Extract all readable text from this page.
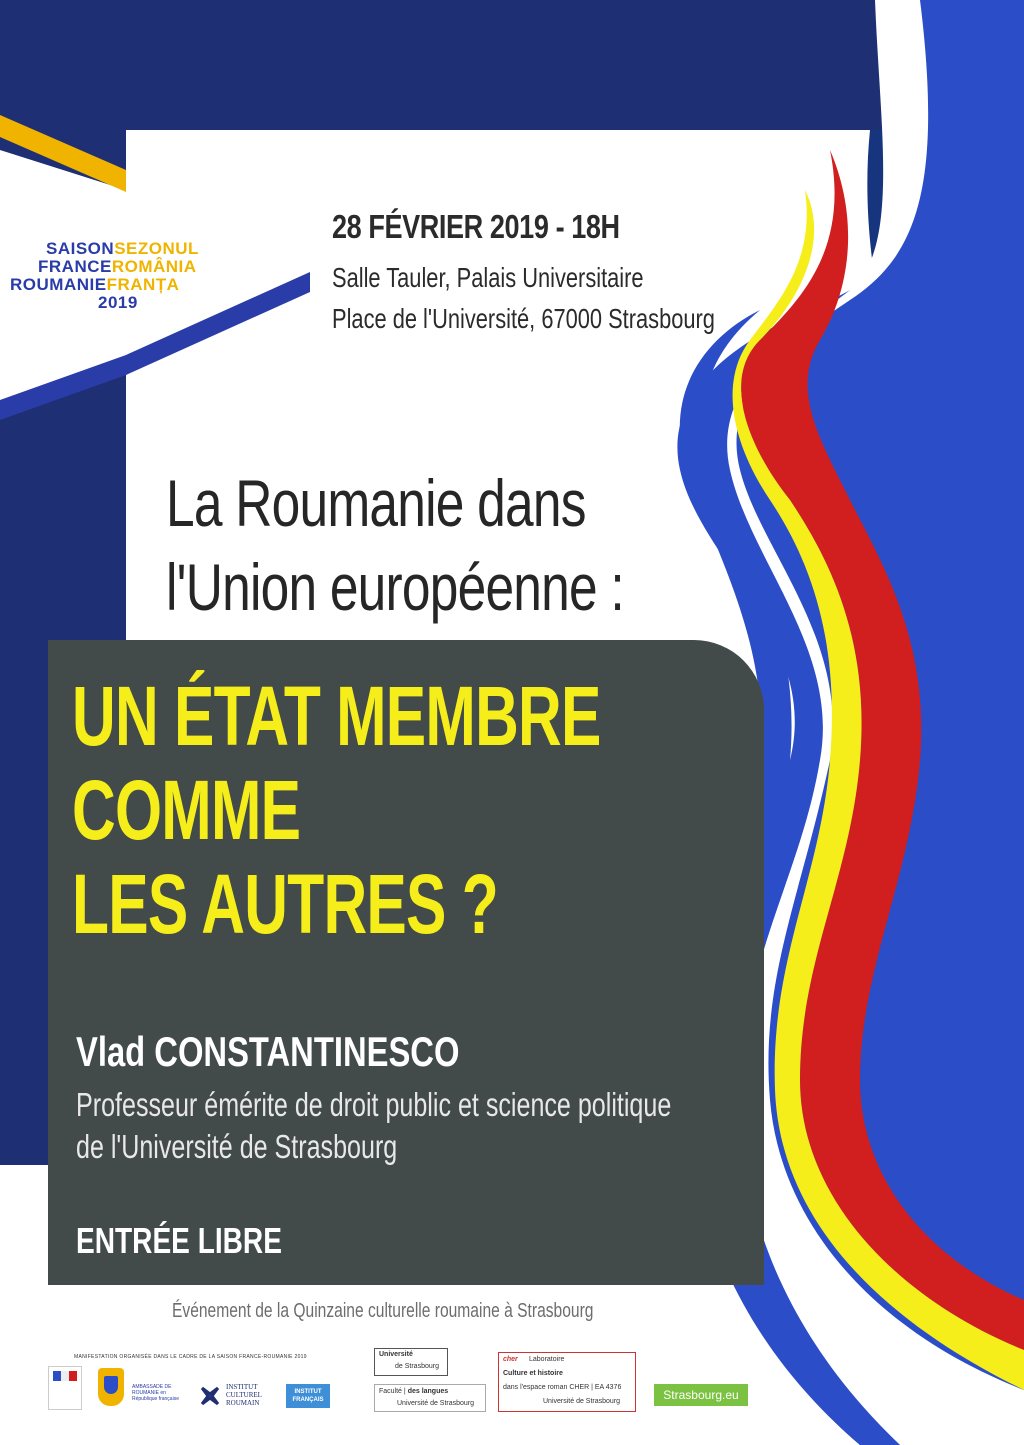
SAISONSEZONUL
FRANCEROMÂNIA
ROUMANIEFRANȚA
2019
28 FÉVRIER 2019 - 18H
Salle Tauler, Palais Universitaire
Place de l'Université, 67000 Strasbourg
La Roumanie dans
l'Union européenne :
UN ÉTAT MEMBRE
COMME
LES AUTRES ?
Vlad CONSTANTINESCO
Professeur émérite de droit public et science politique
de l'Université de Strasbourg
ENTRÉE LIBRE
Événement de la Quinzaine culturelle roumaine à Strasbourg
MANIFESTATION ORGANISÉE DANS LE CADRE DE LA SAISON FRANCE-ROUMANIE 2019
AMBASSADE DE ROUMANIE en République française
INSTITUT
CULTUREL
ROUMAIN
INSTITUT
FRANÇAIS
Université
de Strasbourg
Faculté | des langues
Université de Strasbourg
cher Laboratoire
Culture et histoire
dans l'espace roman CHER | EA 4376
Université de Strasbourg	Strasbourg.eu
